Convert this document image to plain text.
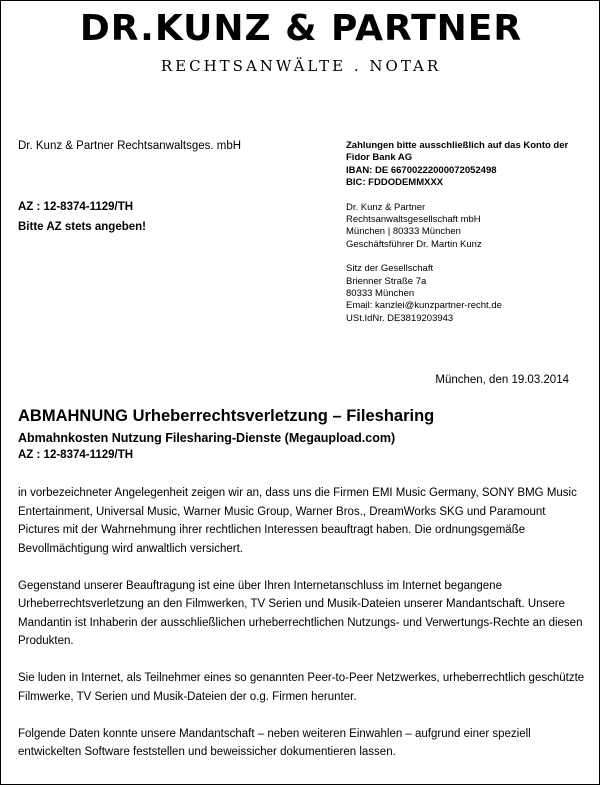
DR.KUNZ & PARTNER
RECHTSANWÄLTE . NOTAR
Dr. Kunz & Partner Rechtsanwaltsges. mbH
AZ : 12-8374-1129/TH
Bitte AZ stets angeben!
Zahlungen bitte ausschließlich auf das Konto der
Fidor Bank AG
IBAN: DE 66700222000072052498
BIC: FDDODEMMXXX
Dr. Kunz & Partner
Rechtsanwaltsgesellschaft mbH
München | 80333 München
Geschäftsführer Dr. Martin Kunz
Sitz der Gesellschaft
Brienner Straße 7a
80333 München
Email: kanzlei@kunzpartner-recht.de
USt.IdNr. DE3819203943
München, den 19.03.2014
ABMAHNUNG Urheberrechtsverletzung – Filesharing
Abmahnkosten Nutzung Filesharing-Dienste (Megaupload.com)
AZ : 12-8374-1129/TH

in vorbezeichneter Angelegenheit zeigen wir an, dass uns die Firmen EMI Music Germany, SONY BMG Music Entertainment, Universal Music, Warner Music Group, Warner Bros., DreamWorks SKG und Paramount Pictures mit der Wahrnehmung ihrer rechtlichen Interessen beauftragt haben. Die ordnungsgemäße Bevollmächtigung wird anwaltlich versichert.

Gegenstand unserer Beauftragung ist eine über Ihren Internetanschluss im Internet begangene Urheberrechtsverletzung an den Filmwerken, TV Serien und Musik-Dateien unserer Mandantschaft. Unsere Mandantin ist Inhaberin der ausschließlichen urheberrechtlichen Nutzungs- und Verwertungs-Rechte an diesen Produkten.

Sie luden in Internet, als Teilnehmer eines so genannten Peer-to-Peer Netzwerkes, urheberrechtlich geschützte Filmwerke, TV Serien und Musik-Dateien der o.g. Firmen herunter.

Folgende Daten konnte unsere Mandantschaft – neben weiteren Einwahlen – aufgrund einer speziell entwickelten Software feststellen und beweissicher dokumentieren lassen.
